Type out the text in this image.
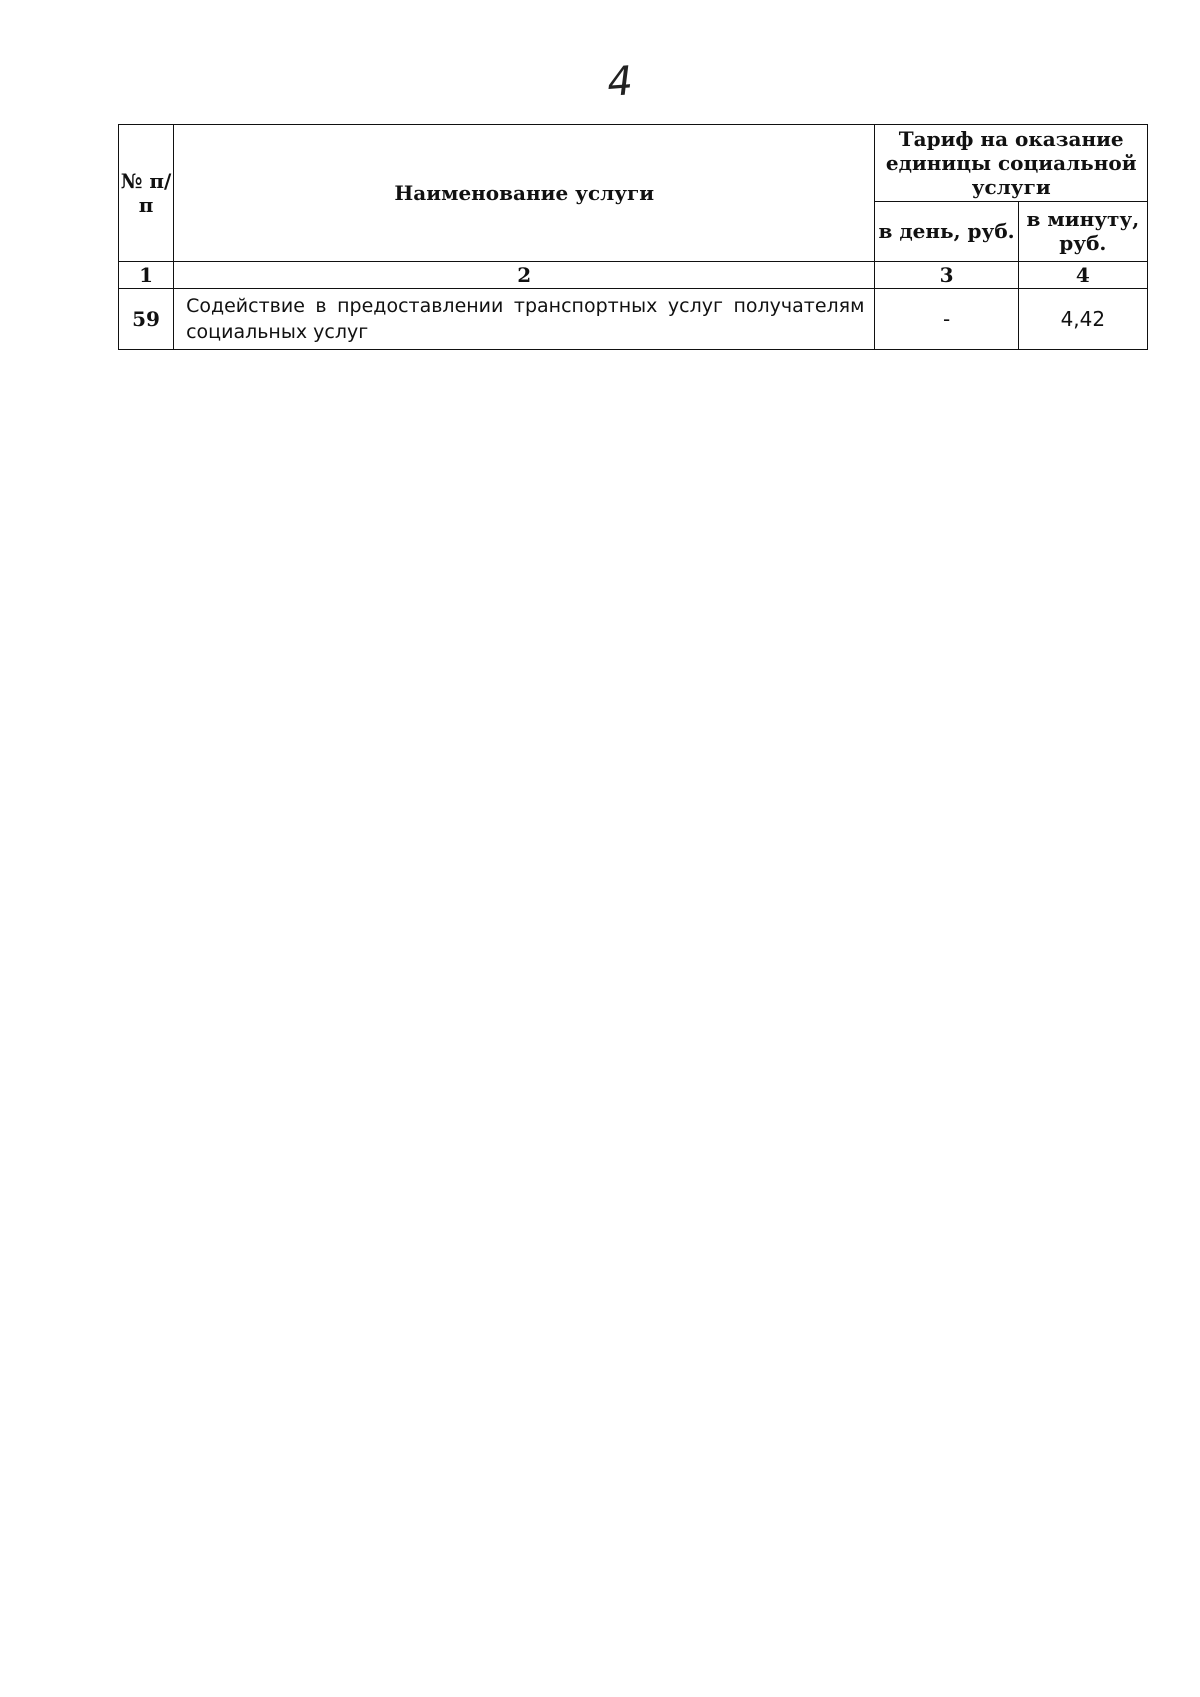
4
№ п/п	Наименование услуги	Тариф на оказание единицы социальной услуги	
		в день, руб.	в минуту, руб.
1	2	3	4
59	Содействие в предоставлении транспортных услуг получателям социальных услуг	-	4,42
